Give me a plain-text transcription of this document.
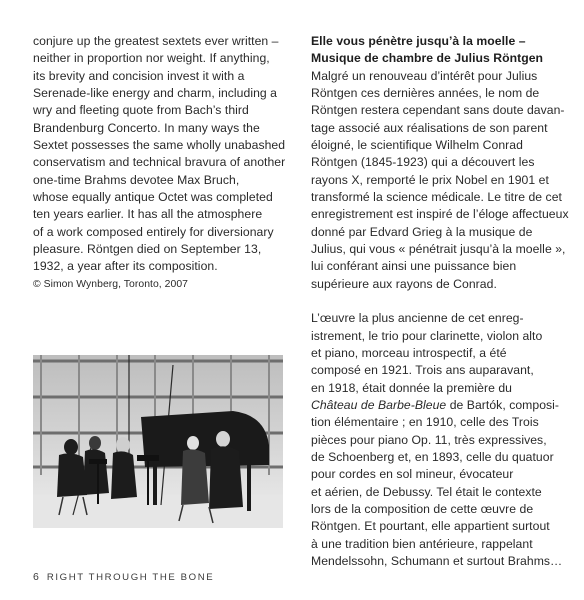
conjure up the greatest sextets ever written –
neither in proportion nor weight. If anything,
its brevity and concision invest it with a
Serenade-like energy and charm, including a
wry and fleeting quote from Bach’s third
Brandenburg Concerto. In many ways the
Sextet possesses the same wholly unabashed
conservatism and technical bravura of another
one-time Brahms devotee Max Bruch,
whose equally antique Octet was completed
ten years earlier. It has all the atmosphere
of a work composed entirely for diversionary
pleasure. Röntgen died on September 13,
1932, a year after its composition.
© Simon Wynberg, Toronto, 2007
Elle vous pénètre jusqu’à la moelle –
Musique de chambre de Julius Röntgen
Malgré un renouveau d’intérêt pour Julius
Röntgen ces dernières années, le nom de
Röntgen restera cependant sans doute davan-
tage associé aux réalisations de son parent
éloigné, le scientifique Wilhelm Conrad
Röntgen (1845-1923) qui a découvert les
rayons X, remporté le prix Nobel en 1901 et
transformé la science médicale. Le titre de cet
enregistrement est inspiré de l’éloge affectueux
donné par Edvard Grieg à la musique de
Julius, qui vous « pénétrait jusqu’à la moelle »,
lui conférant ainsi une puissance bien
supérieure aux rayons de Conrad.
L’œuvre la plus ancienne de cet enreg-
istrement, le trio pour clarinette, violon alto
et piano, morceau introspectif, a été
composé en 1921. Trois ans auparavant,
en 1918, était donnée la première du
Château de Barbe-Bleue de Bartók, composi-
tion élémentaire ; en 1910, celle des Trois
pièces pour piano Op. 11, très expressives,
de Schoenberg et, en 1893, celle du quatuor
pour cordes en sol mineur, évocateur
et aérien, de Debussy. Tel était le contexte
lors de la composition de cette œuvre de
Röntgen. Et pourtant, elle appartient surtout
à une tradition bien antérieure, rappelant
Mendelssohn, Schumann et surtout Brahms…
6 RIGHT THROUGH THE BONE
